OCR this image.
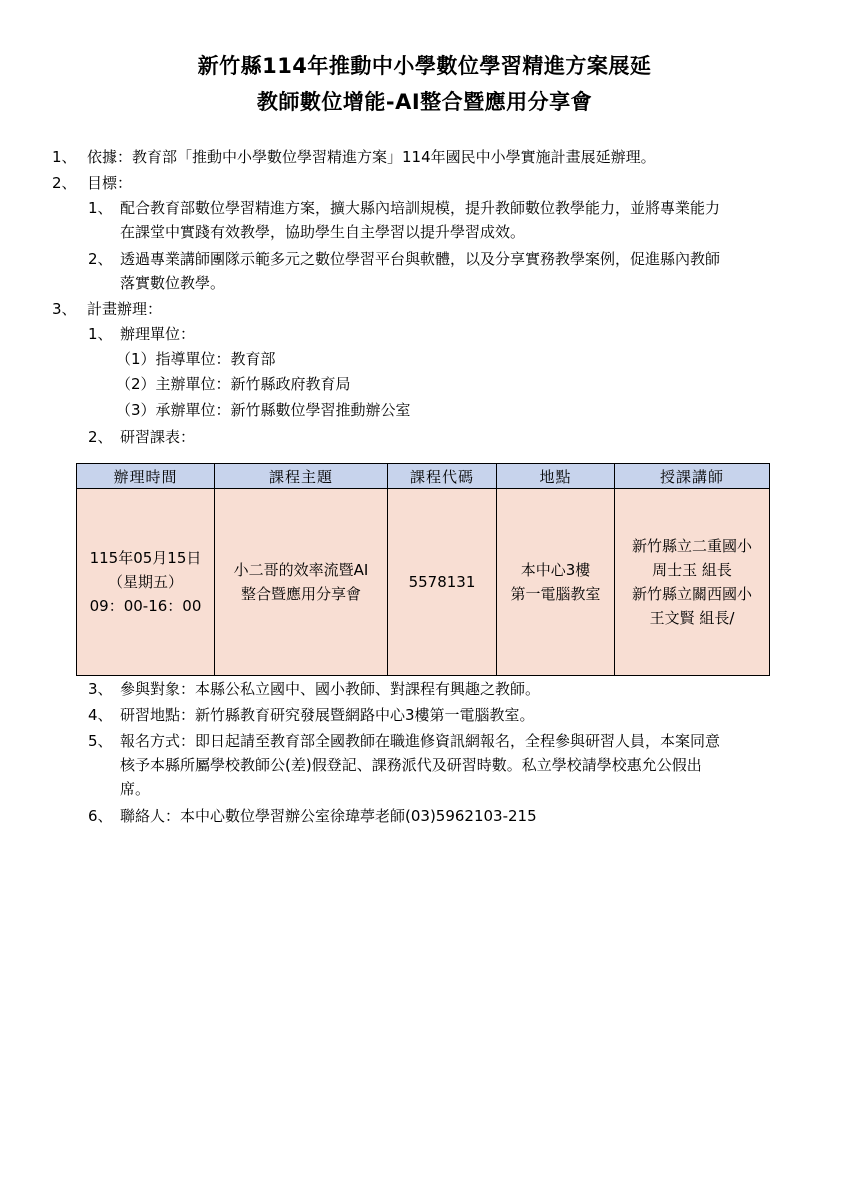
新竹縣114年推動中小學數位學習精進方案展延
教師數位增能-AI整合暨應用分享會
1、 依據：教育部「推動中小學數位學習精進方案」114年國民中小學實施計畫展延辦理。
2、 目標：
1、 配合教育部數位學習精進方案，擴大縣內培訓規模，提升教師數位教學能力，並將專業能力
在課堂中實踐有效教學，協助學生自主學習以提升學習成效。
2、 透過專業講師團隊示範多元之數位學習平台與軟體，以及分享實務教學案例，促進縣內教師
落實數位教學。
3、 計畫辦理：
1、 辦理單位：
（1）指導單位：教育部
（2）主辦單位：新竹縣政府教育局
（3）承辦單位：新竹縣數位學習推動辦公室
2、 研習課表：
辦理時間	課程主題	課程代碼	地點	授課講師

115年05月15日
（星期五）
09：00-16：00	小二哥的效率流暨AI
整合暨應用分享會	5578131	本中心3樓
第一電腦教室	新竹縣立二重國小
周士玉 組長
新竹縣立關西國小
王文賢 組長/
3、 參與對象：本縣公私立國中、國小教師、對課程有興趣之教師。
4、 研習地點：新竹縣教育研究發展暨網路中心3樓第一電腦教室。
5、 報名方式：即日起請至教育部全國教師在職進修資訊網報名，全程參與研習人員，本案同意
核予本縣所屬學校教師公(差)假登記、課務派代及研習時數。私立學校請學校惠允公假出
席。
6、 聯絡人：本中心數位學習辦公室徐瑋葶老師(03)5962103-215
